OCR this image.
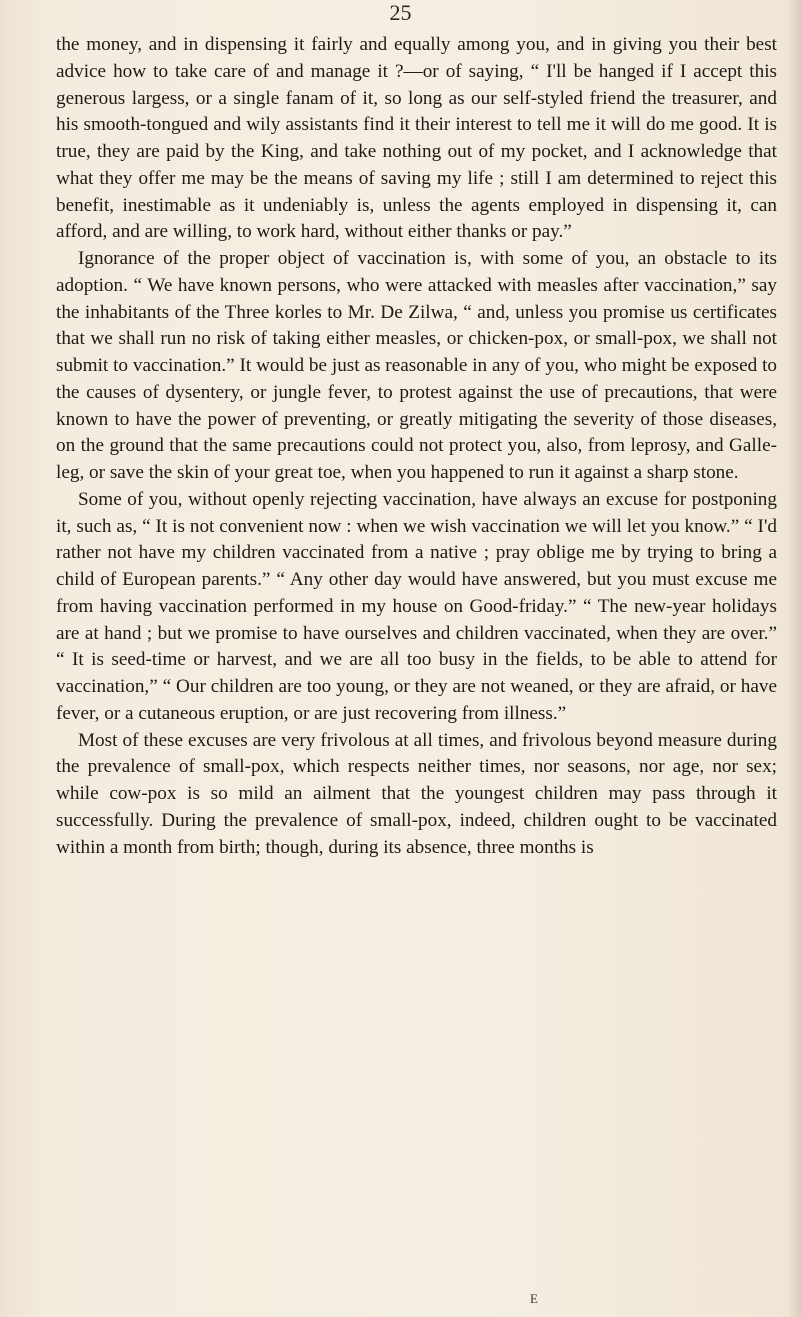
25

the money, and in dispensing it fairly and equally among you, and in giving you their best advice how to take care of and manage it ?—or of saying, “ I'll be hanged if I accept this generous largess, or a single fanam of it, so long as our self-styled friend the treasurer, and his smooth-tongued and wily assistants find it their interest to tell me it will do me good. It is true, they are paid by the King, and take nothing out of my pocket, and I acknowledge that what they offer me may be the means of saving my life ; still I am determined to reject this benefit, inestimable as it undeniably is, unless the agents employed in dispensing it, can afford, and are willing, to work hard, without either thanks or pay.”

Ignorance of the proper object of vaccination is, with some of you, an obstacle to its adoption. “ We have known persons, who were attacked with measles after vaccination,” say the inhabitants of the Three korles to Mr. De Zilwa, “ and, unless you promise us certificates that we shall run no risk of taking either measles, or chicken-pox, or small-pox, we shall not submit to vaccination.” It would be just as reasonable in any of you, who might be exposed to the causes of dysentery, or jungle fever, to protest against the use of precautions, that were known to have the power of preventing, or greatly mitigating the severity of those diseases, on the ground that the same precautions could not protect you, also, from leprosy, and Galle-leg, or save the skin of your great toe, when you happened to run it against a sharp stone.

Some of you, without openly rejecting vaccination, have always an excuse for postponing it, such as, “ It is not convenient now : when we wish vaccination we will let you know.” “ I'd rather not have my children vaccinated from a native ; pray oblige me by trying to bring a child of European parents.” “ Any other day would have answered, but you must excuse me from having vaccination performed in my house on Good-friday.” “ The new-year holidays are at hand ; but we promise to have ourselves and children vaccinated, when they are over.” “ It is seed-time or harvest, and we are all too busy in the fields, to be able to attend for vaccination,” “ Our children are too young, or they are not weaned, or they are afraid, or have fever, or a cutaneous eruption, or are just recovering from illness.”

Most of these excuses are very frivolous at all times, and frivolous beyond measure during the prevalence of small-pox, which respects neither times, nor seasons, nor age, nor sex; while cow-pox is so mild an ailment that the youngest children may pass through it successfully. During the prevalence of small-pox, indeed, children ought to be vaccinated within a month from birth; though, during its absence, three months is

E
